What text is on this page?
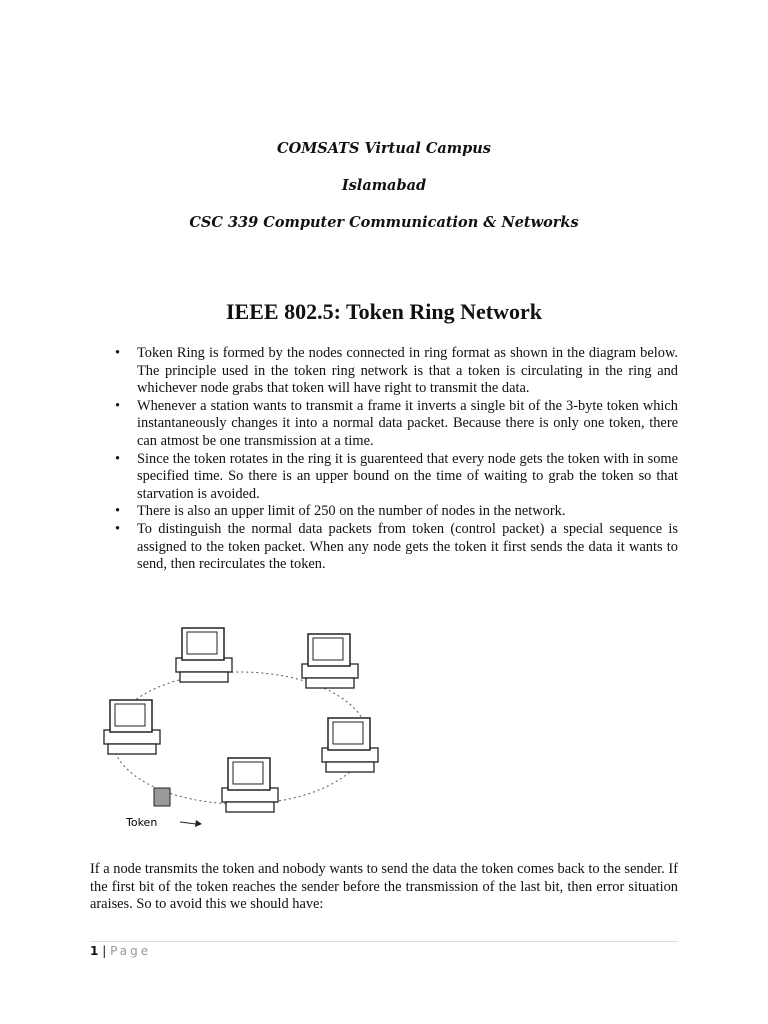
COMSATS Virtual Campus
Islamabad
CSC 339 Computer Communication & Networks
IEEE 802.5: Token Ring Network
• Token Ring is formed by the nodes connected in ring format as shown in the diagram below. The principle used in the token ring network is that a token is circulating in the ring and whichever node grabs that token will have right to transmit the data.
• Whenever a station wants to transmit a frame it inverts a single bit of the 3-byte token which instantaneously changes it into a normal data packet. Because there is only one token, there can atmost be one transmission at a time.
• Since the token rotates in the ring it is guarenteed that every node gets the token with in some specified time. So there is an upper bound on the time of waiting to grab the token so that starvation is avoided.
• There is also an upper limit of 250 on the number of nodes in the network.
• To distinguish the normal data packets from token (control packet) a special sequence is assigned to the token packet. When any node gets the token it first sends the data it wants to send, then recirculates the token.
Token

If a node transmits the token and nobody wants to send the data the token comes back to the sender. If the first bit of the token reaches the sender before the transmission of the last bit, then error situation araises. So to avoid this we should have:

1 | Page
